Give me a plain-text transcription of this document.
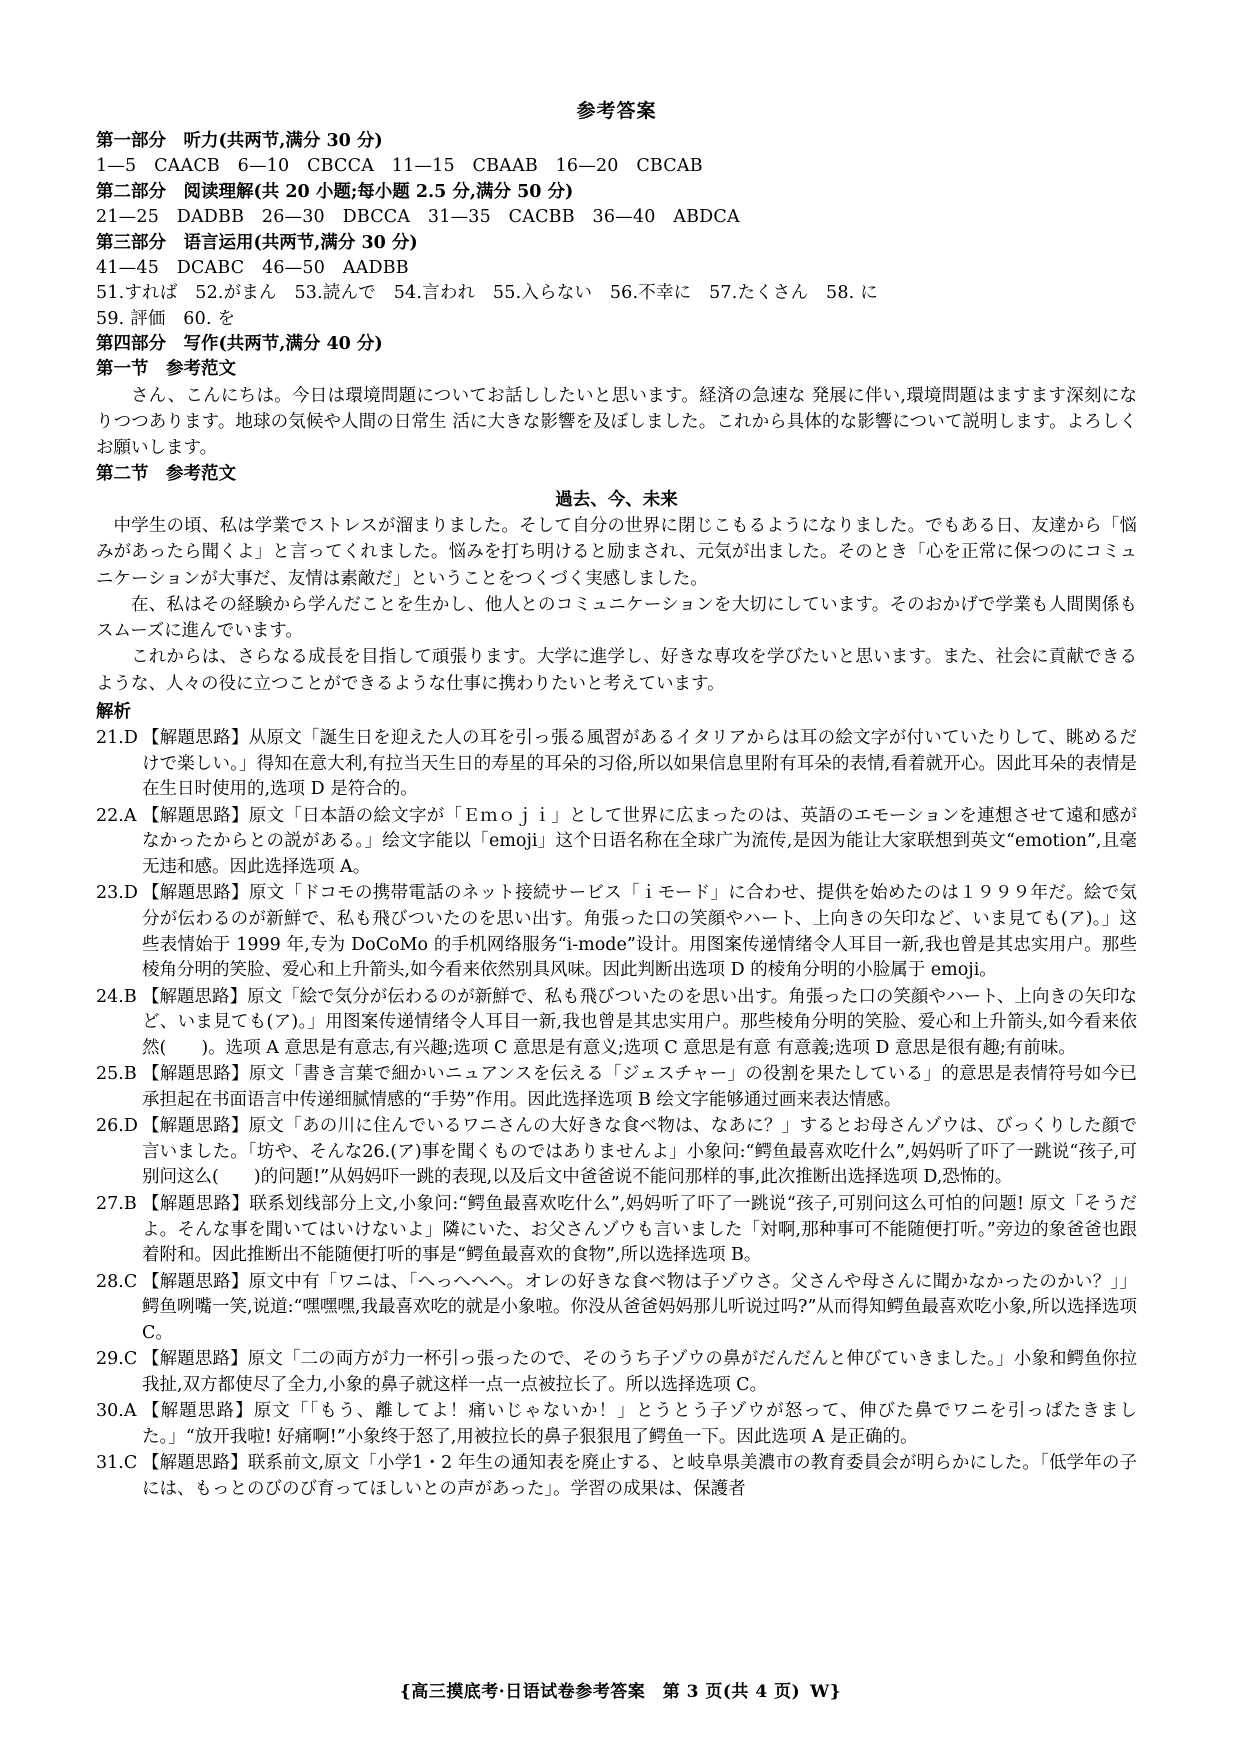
参考答案
第一部分　听力(共两节,满分 30 分)
1—5　CAACB　6—10　CBCCA　11—15　CBAAB　16—20　CBCAB
第二部分　阅读理解(共 20 小题;每小题 2.5 分,满分 50 分)
21—25　DADBB　26—30　DBCCA　31—35　CACBB　36—40　ABDCA
第三部分　语言运用(共两节,满分 30 分)
41—45　DCABC　46—50　AADBB
51.すれば　52.がまん　53.読んで　54.言われ　55.入らない　56.不幸に　57.たくさん　58. に
59. 評価　60. を
第四部分　写作(共两节,满分 40 分)
第一节　参考范文
さん、こんにちは。今日は環境問題についてお話ししたいと思います。経済の急速な 発展に伴い,環境問題はますます深刻になりつつあります。地球の気候や人間の日常生 活に大きな影響を及ぼしました。これから具体的な影響について説明します。よろしく お願いします。
第二节　参考范文
過去、今、未来
中学生の頃、私は学業でストレスが溜まりました。そして自分の世界に閉じこもるようになりました。でもある日、友達から「悩みがあったら聞くよ」と言ってくれました。悩みを打ち明けると励まされ、元気が出ました。そのとき「心を正常に保つのにコミュニケーションが大事だ、友情は素敵だ」ということをつくづく実感しました。
在、私はその経験から学んだことを生かし、他人とのコミュニケーションを大切にしています。そのおかげで学業も人間関係もスムーズに進んでいます。
これからは、さらなる成長を目指して頑張ります。大学に進学し、好きな専攻を学びたいと思います。また、社会に貢献できるような、人々の役に立つことができるような仕事に携わりたいと考えています。
解析
21.D 【解題思路】从原文「誕生日を迎えた人の耳を引っ張る風習があるイタリアからは耳の絵文字が付いていたりして、眺めるだけで楽しい。」得知在意大利,有拉当天生日的寿星的耳朵的习俗,所以如果信息里附有耳朵的表情,看着就开心。因此耳朵的表情是在生日时使用的,选项 D 是符合的。
22.A 【解題思路】原文「日本語の絵文字が「Ｅｍｏｊｉ」として世界に広まったのは、英語のエモーションを連想させて遠和感がなかったからとの説がある。」绘文字能以「emoji」这个日语名称在全球广为流传,是因为能让大家联想到英文“emotion”,且毫无违和感。因此选择选项 A。
23.D 【解題思路】原文「ドコモの携帯電話のネット接続サービス「ｉモード」に合わせ、提供を始めたのは１９９９年だ。絵で気分が伝わるのが新鮮で、私も飛びついたのを思い出す。角張った口の笑顔やハート、上向きの矢印など、いま見ても(ア)。」这些表情始于 1999 年,专为 DoCoMo 的手机网络服务“i-mode”设计。用图案传递情绪令人耳目一新,我也曾是其忠实用户。那些棱角分明的笑脸、爱心和上升箭头,如今看来依然别具风味。因此判断出选项 D 的棱角分明的小脸属于 emoji。
24.B 【解題思路】原文「絵で気分が伝わるのが新鮮で、私も飛びついたのを思い出す。角張った口の笑顔やハート、上向きの矢印など、いま見ても(ア)。」用图案传递情绪令人耳目一新,我也曾是其忠实用户。那些棱角分明的笑脸、爱心和上升箭头,如今看来依然(　　)。选项 A 意思是有意志,有兴趣;选项 C 意思是有意义;选项 C 意思是有意 有意義;选项 D 意思是很有趣;有前味。
25.B 【解題思路】原文「書き言葉で細かいニュアンスを伝える「ジェスチャー」の役割を果たしている」的意思是表情符号如今已承担起在书面语言中传递细腻情感的“手势”作用。因此选择选项 B 绘文字能够通过画来表达情感。
26.D 【解題思路】原文「あの川に住んでいるワニさんの大好きな食べ物は、なあに？」するとお母さんゾウは、びっくりした顔で言いました。「坊や、そんな26.(ア)事を聞くものではありませんよ」小象问:“鳄鱼最喜欢吃什么”,妈妈听了吓了一跳说“孩子,可别问这么(　　)的问题!”从妈妈吓一跳的表现,以及后文中爸爸说不能问那样的事,此次推断出选择选项 D,恐怖的。
27.B 【解題思路】联系划线部分上文,小象问:“鳄鱼最喜欢吃什么”,妈妈听了吓了一跳说“孩子,可别问这么可怕的问题! 原文「そうだよ。そんな事を聞いてはいけないよ」隣にいた、お父さんゾウも言いました「対啊,那种事可不能随便打听。”旁边的象爸爸也跟着附和。因此推断出不能随便打听的事是“鳄鱼最喜欢的食物”,所以选择选项 B。
28.C 【解題思路】原文中有「ワニは、「へっへへへ。オレの好きな食べ物は子ゾウさ。父さんや母さんに聞かなかったのかい？」」鳄鱼咧嘴一笑,说道:“嘿嘿嘿,我最喜欢吃的就是小象啦。你没从爸爸妈妈那儿听说过吗?”从而得知鳄鱼最喜欢吃小象,所以选择选项 C。
29.C 【解題思路】原文「二の両方が力一杯引っ張ったので、そのうち子ゾウの鼻がだんだんと伸びていきました。」小象和鳄鱼你拉我扯,双方都使尽了全力,小象的鼻子就这样一点一点被拉长了。所以选择选项 C。
30.A 【解題思路】原文「「もう、離してよ！痛いじゃないか！」とうとう子ゾウが怒って、伸びた鼻でワニを引っぱたきました。」“放开我啦! 好痛啊!”小象终于怒了,用被拉长的鼻子狠狠甩了鳄鱼一下。因此选项 A 是正确的。
31.C 【解題思路】联系前文,原文「小学1・2 年生の通知表を廃止する、と岐阜県美濃市の教育委員会が明らかにした。「低学年の子には、もっとのびのび育ってほしいとの声があった」。学習の成果は、保護者
{高三摸底考·日语试卷参考答案　第 3 页(共 4 页) W}
